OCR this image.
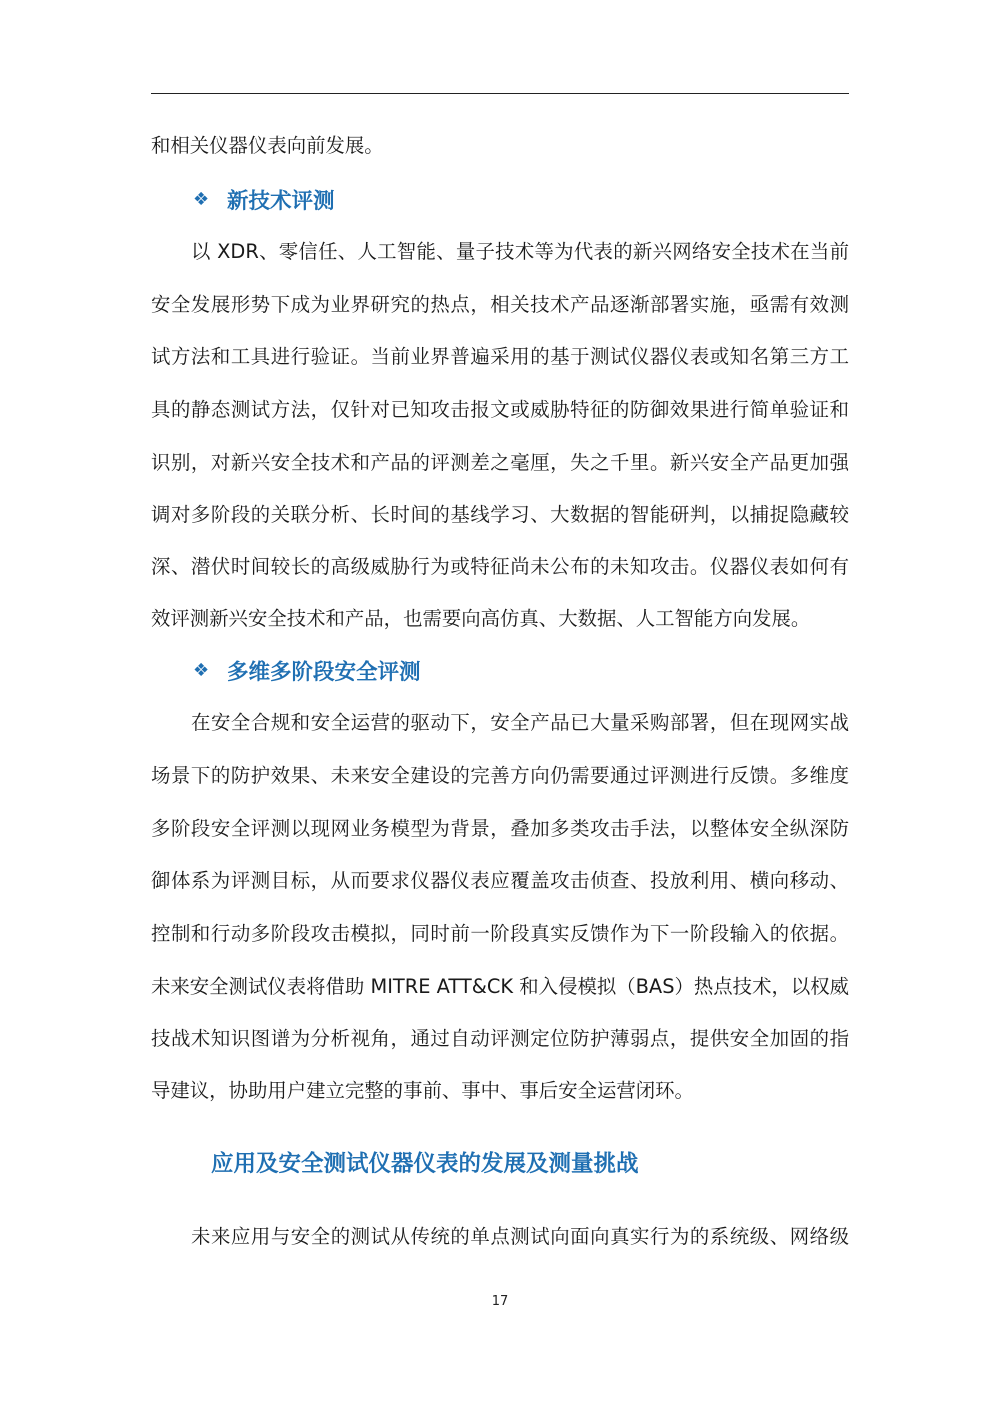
和相关仪器仪表向前发展。
❖ 新技术评测
以 XDR、零信任、人工智能、量子技术等为代表的新兴网络安全技术在当前
安全发展形势下成为业界研究的热点，相关技术产品逐渐部署实施，亟需有效测
试方法和工具进行验证。当前业界普遍采用的基于测试仪器仪表或知名第三方工
具的静态测试方法，仅针对已知攻击报文或威胁特征的防御效果进行简单验证和
识别，对新兴安全技术和产品的评测差之毫厘，失之千里。新兴安全产品更加强
调对多阶段的关联分析、长时间的基线学习、大数据的智能研判，以捕捉隐藏较
深、潜伏时间较长的高级威胁行为或特征尚未公布的未知攻击。仪器仪表如何有
效评测新兴安全技术和产品，也需要向高仿真、大数据、人工智能方向发展。
❖ 多维多阶段安全评测
在安全合规和安全运营的驱动下，安全产品已大量采购部署，但在现网实战
场景下的防护效果、未来安全建设的完善方向仍需要通过评测进行反馈。多维度
多阶段安全评测以现网业务模型为背景，叠加多类攻击手法，以整体安全纵深防
御体系为评测目标，从而要求仪器仪表应覆盖攻击侦查、投放利用、横向移动、
控制和行动多阶段攻击模拟，同时前一阶段真实反馈作为下一阶段输入的依据。
未来安全测试仪表将借助 MITRE ATT&CK 和入侵模拟（BAS）热点技术，以权威
技战术知识图谱为分析视角，通过自动评测定位防护薄弱点，提供安全加固的指
导建议，协助用户建立完整的事前、事中、事后安全运营闭环。
应用及安全测试仪器仪表的发展及测量挑战
未来应用与安全的测试从传统的单点测试向面向真实行为的系统级、网络级
17
